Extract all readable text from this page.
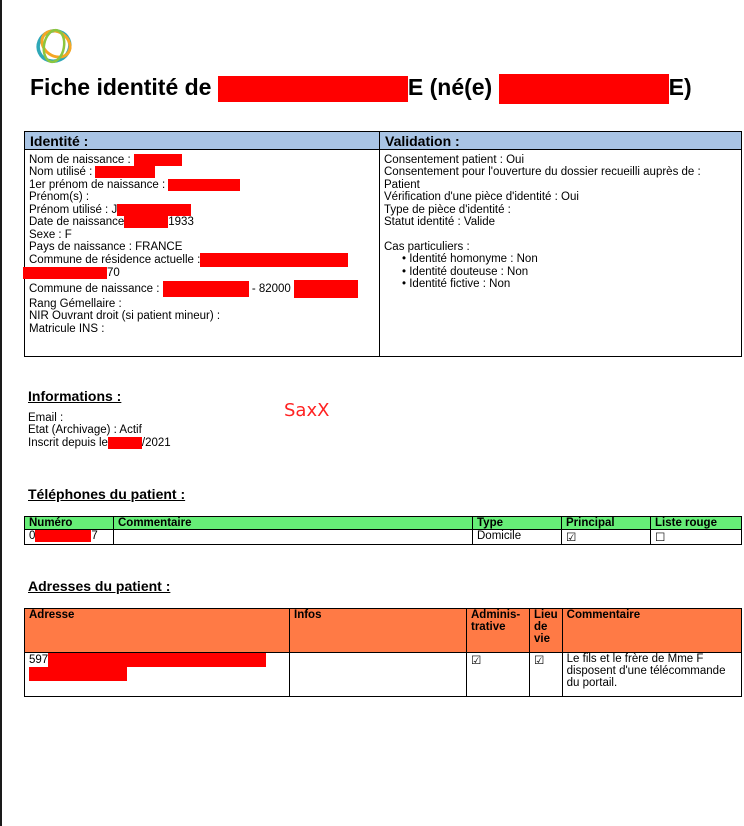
Fiche identité de	E (né(e)	E)
Identité :	Validation :
Nom de naissance :
Nom utilisé :
1er prénom de naissance :
Prénom(s) :
Prénom utilisé : J
Date de naissance	1933
Sexe : F
Pays de naissance : FRANCE
Commune de résidence actuelle :
70
Commune de naissance :	- 82000
Rang Gémellaire :
NIR Ouvrant droit (si patient mineur) :
Matricule INS :
Consentement patient : Oui
Consentement pour l'ouverture du dossier recueilli auprès de :
Patient
Vérification d'une pièce d'identité : Oui
Type de pièce d'identité :
Statut identité : Valide

Cas particuliers :
• Identité homonyme : Non
• Identité douteuse : Non
• Identité fictive : Non
Informations :
Email :
Etat (Archivage) : Actif
Inscrit depuis le	/2021
SaxX
Téléphones du patient :
Numéro	Commentaire	Type	Principal	Liste rouge
0 7		Domicile	☑	☐
Adresses du patient :
Adresse	Infos	Adminis-trative	Lieu de vie	Commentaire
597		☑	☑	Le fils et le frère de Mme F disposent d'une télécommande du portail.
